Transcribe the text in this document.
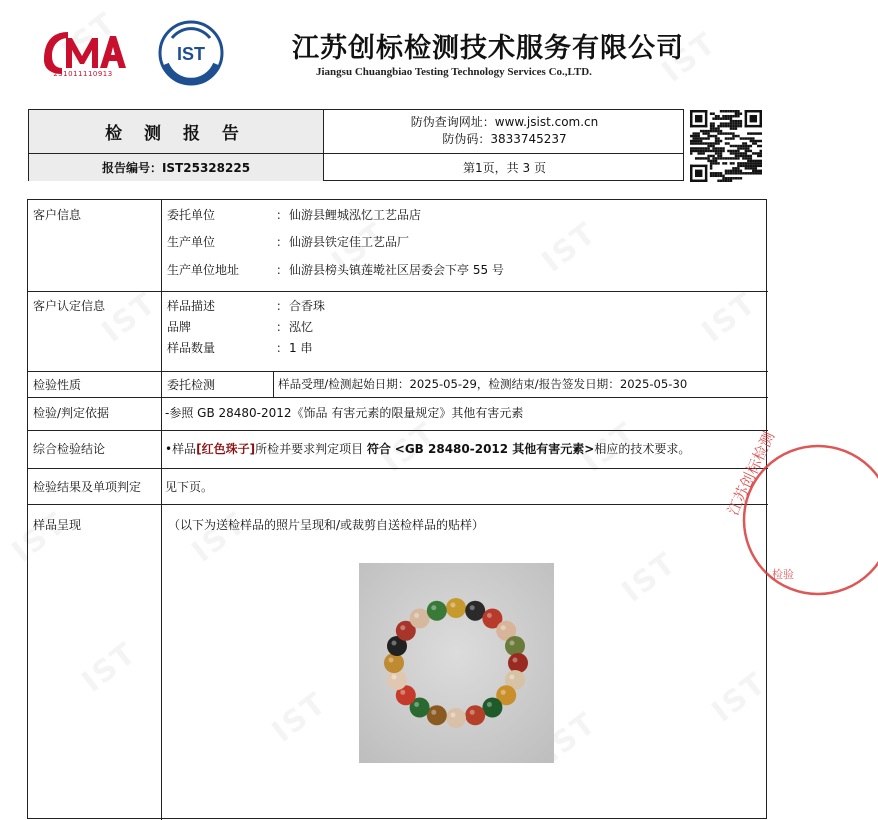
231011110913
IST	江苏创标检测技术服务有限公司
Jiangsu Chuangbiao Testing Technology Services Co.,LTD.
检 测 报 告
报告编号：IST25328225
防伪查询网址：www.jsist.com.cn
防伪码：3833745237
第1页，共 3 页
客户信息	委托单位	： 仙游县鲤城泓忆工艺品店
生产单位	： 仙游县铁定佳工艺品厂
生产单位地址	： 仙游县榜头镇莲墘社区居委会下亭 55 号
客户认定信息	样品描述	： 合香珠
品牌	： 泓忆
样品数量	： 1 串
检验性质	委托检测	样品受理/检测起始日期：2025-05-29，检测结束/报告签发日期：2025-05-30
检验/判定依据	-参照 GB 28480-2012《饰品 有害元素的限量规定》其他有害元素
综合检验结论	•样品[红色珠子]所检并要求判定项目 符合 <GB 28480-2012 其他有害元素>相应的技术要求。
检验结果及单项判定 见下页。
样品呈现	（以下为送检样品的照片呈现和/或裁剪自送检样品的贴样）
江苏创标检测
检验
